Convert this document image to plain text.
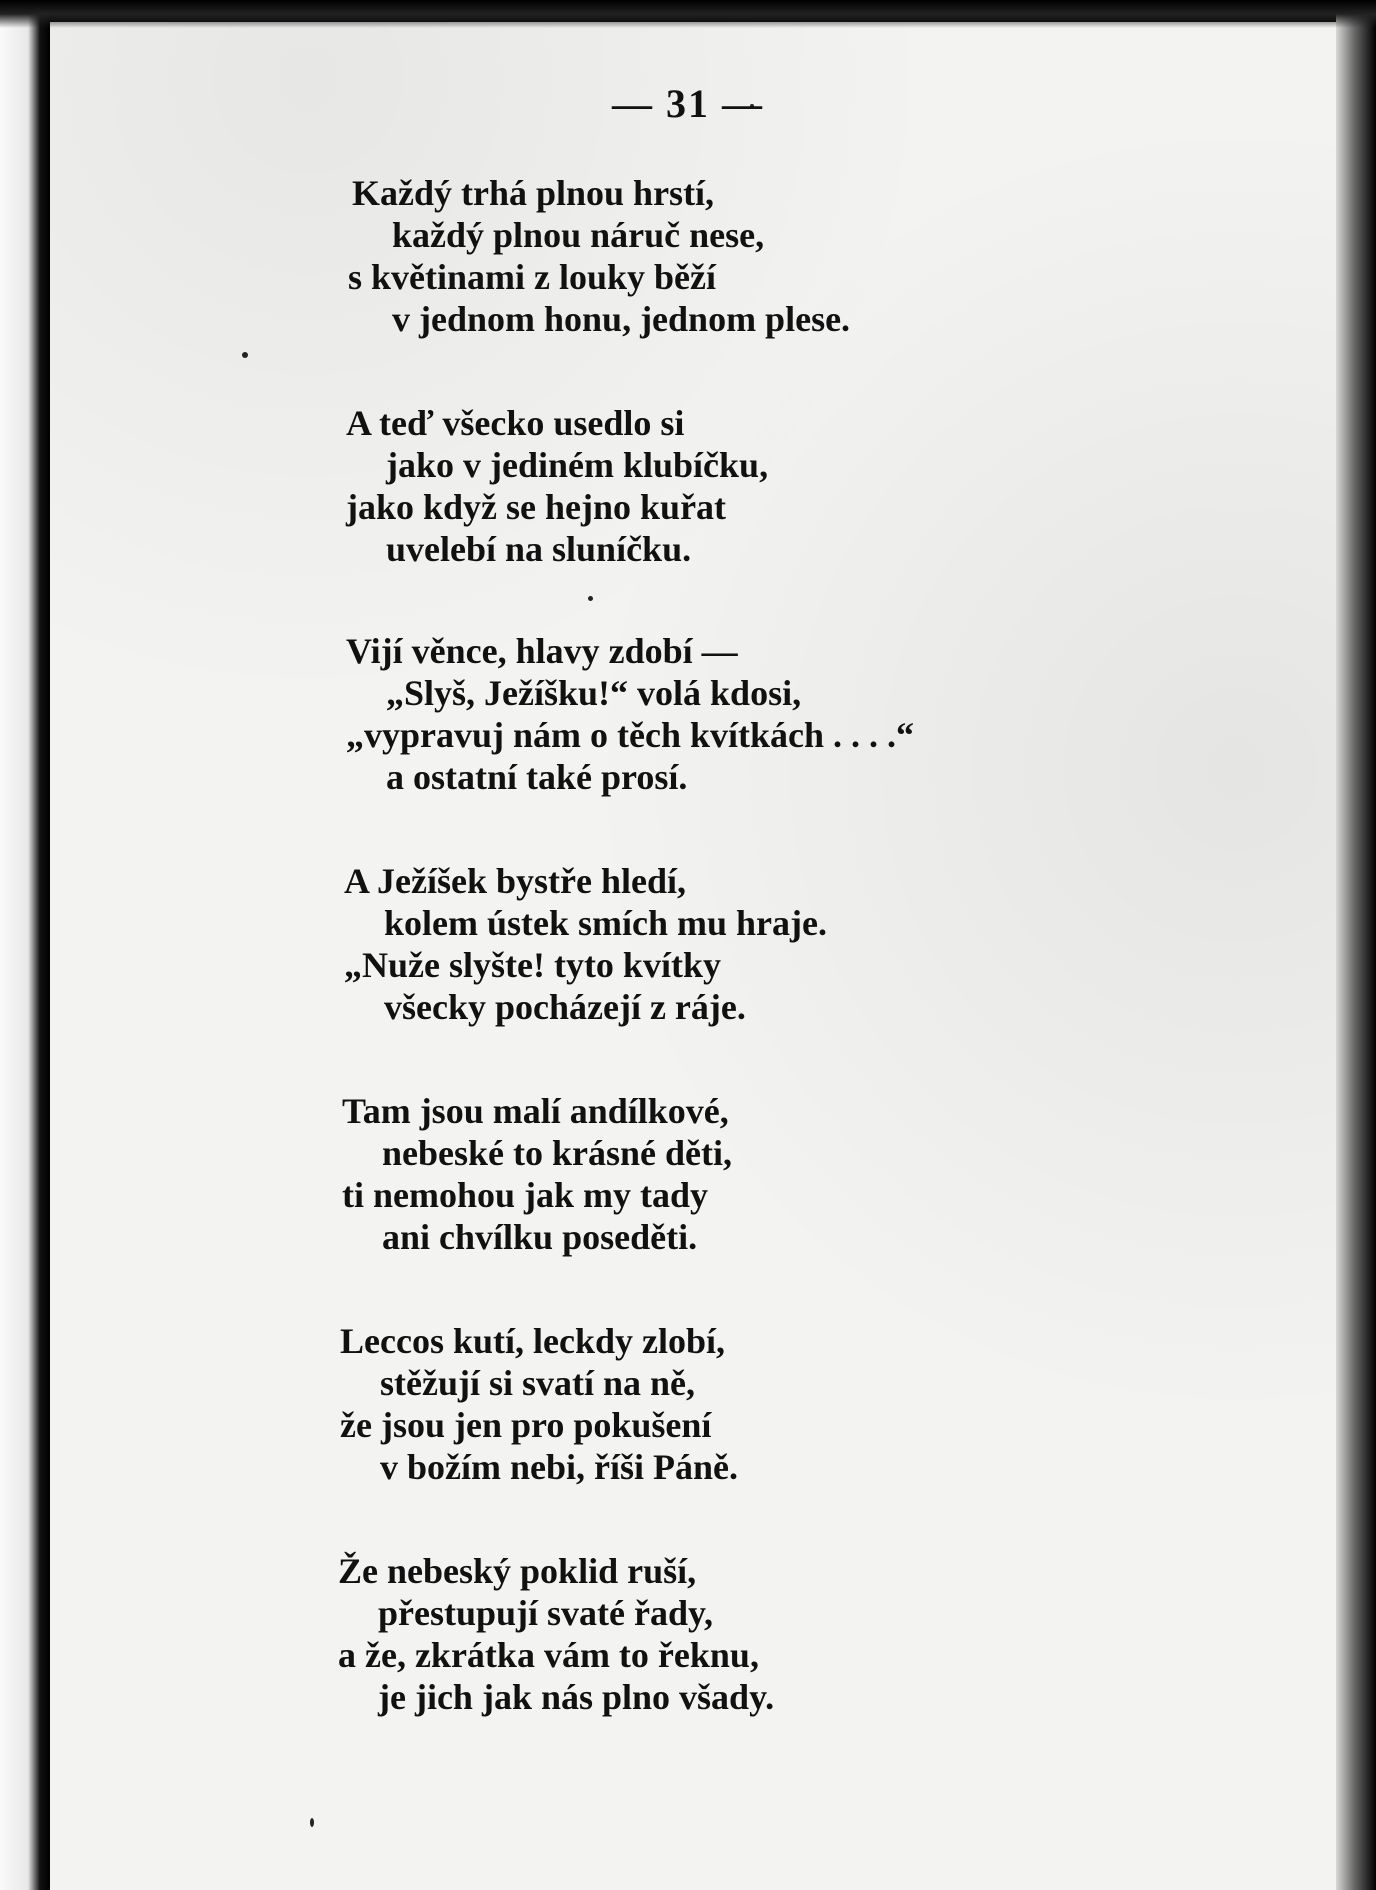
— 31 —

Každý trhá plnou hrstí,
každý plnou náruč nese,
s květinami z louky běží
v jednom honu, jednom plese.

A teď všecko usedlo si
jako v jediném klubíčku,
jako když se hejno kuřat
uvelebí na sluníčku.

Vijí věnce, hlavy zdobí —
„Slyš, Ježíšku!“ volá kdosi,
„vypravuj nám o těch kvítkách . . . .“
a ostatní také prosí.

A Ježíšek bystře hledí,
kolem ústek smích mu hraje.
„Nuže slyšte! tyto kvítky
všecky pocházejí z ráje.

Tam jsou malí andílkové,
nebeské to krásné děti,
ti nemohou jak my tady
ani chvílku poseděti.

Leccos kutí, leckdy zlobí,
stěžují si svatí na ně,
že jsou jen pro pokušení
v božím nebi, říši Páně.

Že nebeský poklid ruší,
přestupují svaté řady,
a že, zkrátka vám to řeknu,
je jich jak nás plno všady.
